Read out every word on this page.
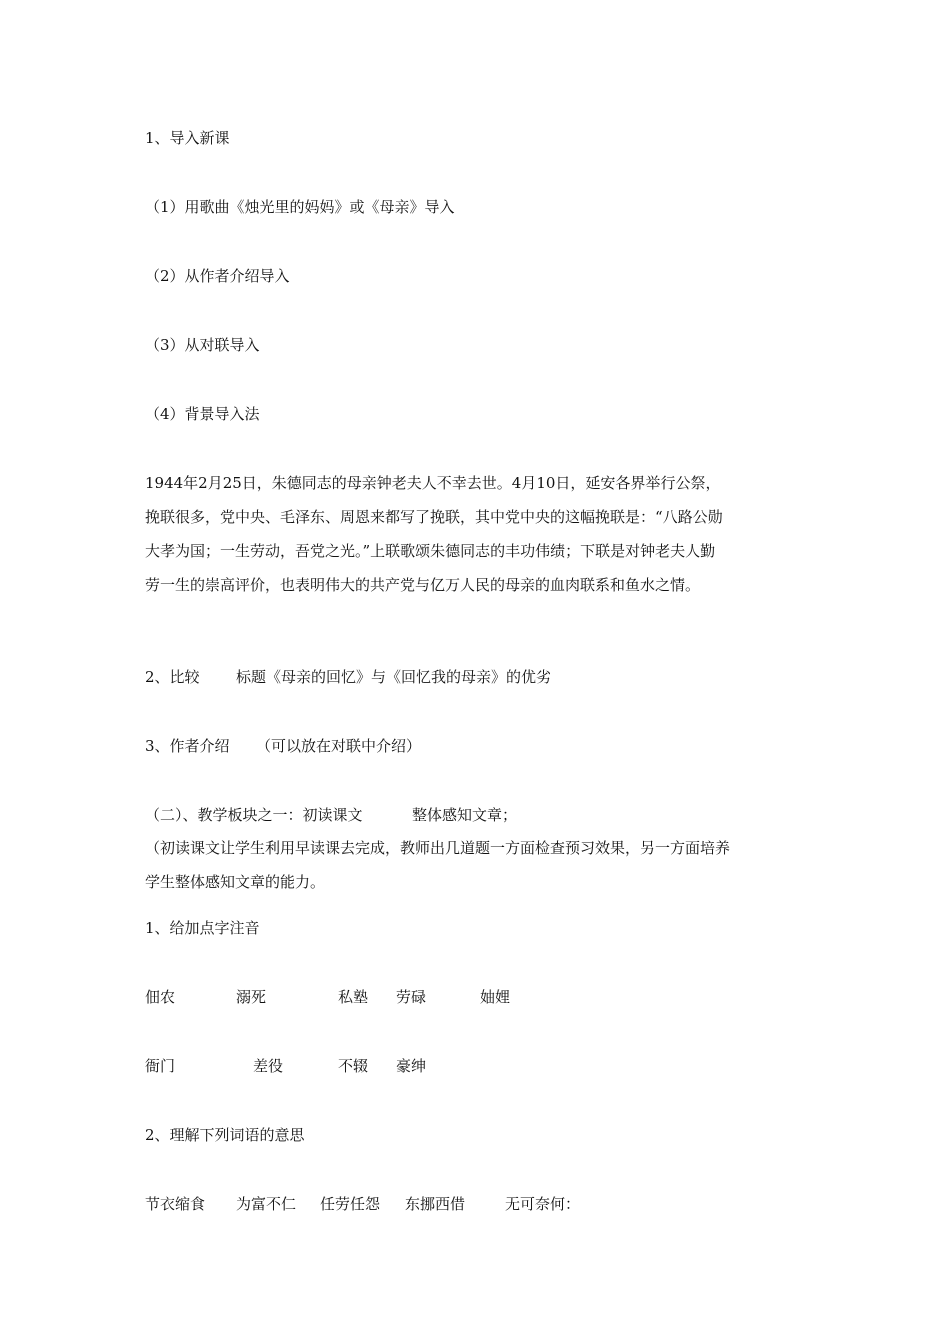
1、导入新课
（1）用歌曲《烛光里的妈妈》或《母亲》导入
（2）从作者介绍导入
（3）从对联导入
（4）背景导入法

1944年2月25日，朱德同志的母亲钟老夫人不幸去世。4月10日，延安各界举行公祭，

挽联很多，党中央、毛泽东、周恩来都写了挽联，其中党中央的这幅挽联是：“八路公勋

大孝为国；一生劳动，吾党之光。”上联歌颂朱德同志的丰功伟绩；下联是对钟老夫人勤

劳一生的崇高评价，也表明伟大的共产党与亿万人民的母亲的血肉联系和鱼水之情。

2、比较 标题《母亲的回忆》与《回忆我的母亲》的优劣
3、作者介绍 （可以放在对联中介绍）
（二）、教学板块之一：初读课文	整体感知文章；

（初读课文让学生利用早读课去完成，教师出几道题一方面检查预习效果，另一方面培养

学生整体感知文章的能力。

1、给加点字注音
佃农	溺死	私塾 劳碌	妯娌
衙门	差役	不辍 豪绅
2、理解下列词语的意思
节衣缩食 为富不仁 任劳任怨 东挪西借	无可奈何：
